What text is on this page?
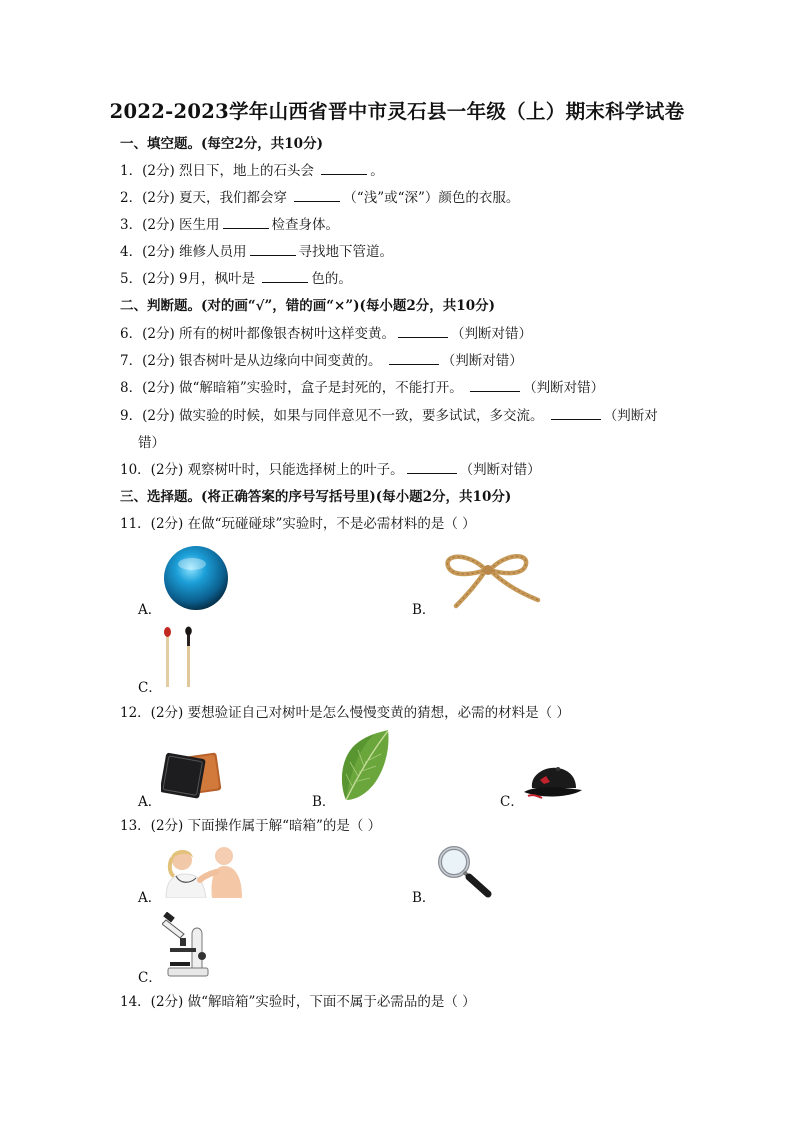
2022-2023学年山西省晋中市灵石县一年级（上）期末科学试卷
一、填空题。(每空2分，共10分)
1．(2分) 烈日下，地上的石头会	。
2．(2分) 夏天，我们都会穿	（“浅”或“深”）颜色的衣服。
3．(2分) 医生用	检查身体。
4．(2分) 维修人员用	寻找地下管道。
5．(2分) 9月，枫叶是	色的。
二、判断题。(对的画“√”，错的画“×”)(每小题2分，共10分)
6．(2分) 所有的树叶都像银杏树叶这样变黄。	（判断对错）
7．(2分) 银杏树叶是从边缘向中间变黄的。	（判断对错）
8．(2分) 做“解暗箱”实验时，盒子是封死的，不能打开。	（判断对错）
9．(2分) 做实验的时候，如果与同伴意见不一致，要多试试，多交流。	（判断对
错）
10．(2分) 观察树叶时，只能选择树上的叶子。	（判断对错）
三、选择题。(将正确答案的序号写括号里)(每小题2分，共10分)
11．(2分) 在做“玩碰碰球”实验时，不是必需材料的是（ ）
A．	B．
C．
12．(2分) 要想验证自己对树叶是怎么慢慢变黄的猜想，必需的材料是（ ）
A．	B．	C．
13．(2分) 下面操作属于解“暗箱”的是（ ）
A．	B．
C．
14．(2分) 做“解暗箱”实验时，下面不属于必需品的是（ ）
